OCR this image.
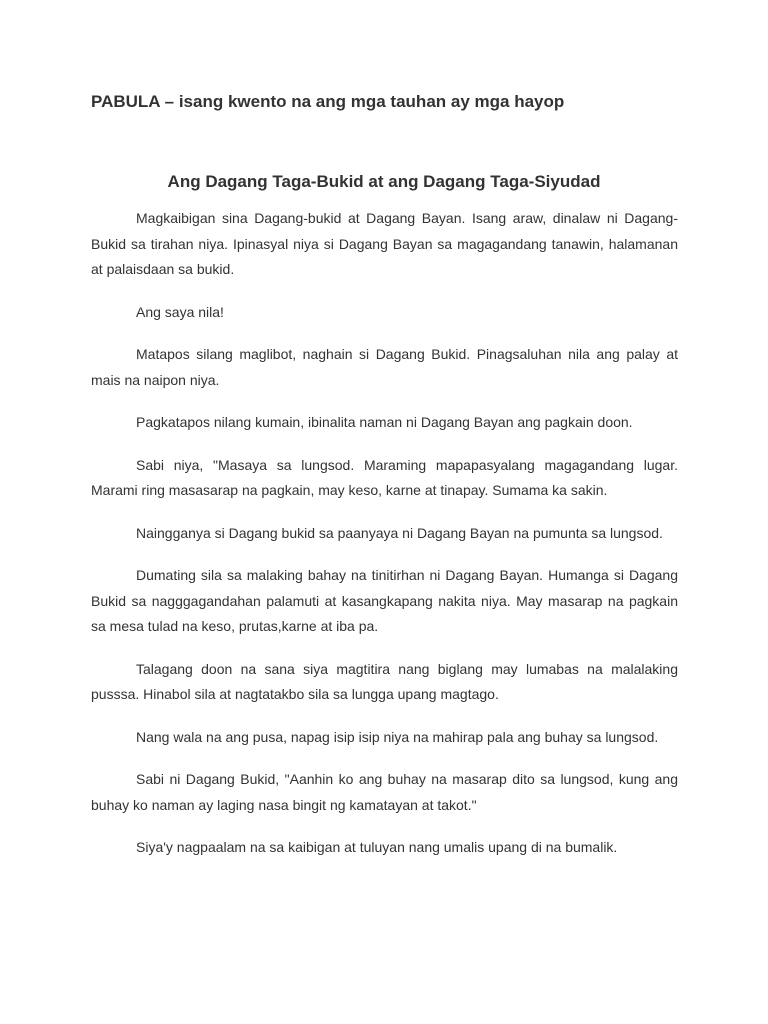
PABULA – isang kwento na ang mga tauhan ay mga hayop
Ang Dagang Taga-Bukid at ang Dagang Taga-Siyudad

Magkaibigan sina Dagang-bukid at Dagang Bayan. Isang araw, dinalaw ni Dagang-Bukid sa tirahan niya. Ipinasyal niya si Dagang Bayan sa magagandang tanawin, halamanan at palaisdaan sa bukid.

Ang saya nila!

Matapos silang maglibot, naghain si Dagang Bukid. Pinagsaluhan nila ang palay at mais na naipon niya.

Pagkatapos nilang kumain, ibinalita naman ni Dagang Bayan ang pagkain doon.

Sabi niya, "Masaya sa lungsod. Maraming mapapasyalang magagandang lugar. Marami ring masasarap na pagkain, may keso, karne at tinapay. Sumama ka sakin.

Naingganya si Dagang bukid sa paanyaya ni Dagang Bayan na pumunta sa lungsod.

Dumating sila sa malaking bahay na tinitirhan ni Dagang Bayan. Humanga si Dagang Bukid sa nagggagandahan palamuti at kasangkapang nakita niya. May masarap na pagkain sa mesa tulad na keso, prutas,karne at iba pa.

Talagang doon na sana siya magtitira nang biglang may lumabas na malalaking pusssa. Hinabol sila at nagtatakbo sila sa lungga upang magtago.

Nang wala na ang pusa, napag isip isip niya na mahirap pala ang buhay sa lungsod.

Sabi ni Dagang Bukid, "Aanhin ko ang buhay na masarap dito sa lungsod, kung ang buhay ko naman ay laging nasa bingit ng kamatayan at takot."

Siya'y nagpaalam na sa kaibigan at tuluyan nang umalis upang di na bumalik.
